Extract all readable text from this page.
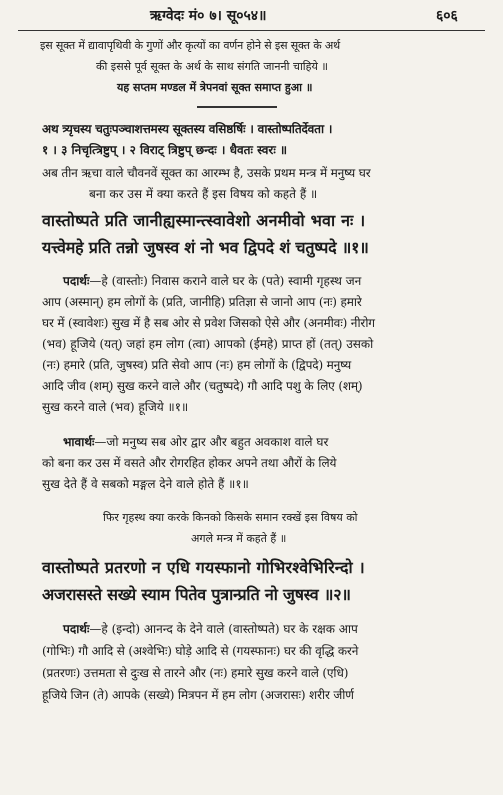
ऋग्वेदः मं० ७। सू०५४॥	६०६
इस सूक्त में द्यावापृथिवी के गुणों और कृत्यों का वर्णन होने से इस सूक्त के अर्थ
की इससे पूर्व सूक्त के अर्थ के साथ संगति जाननी चाहिये ॥
यह सप्तम मण्डल में त्रेपनवां सूक्त समाप्त हुआ ॥
अथ त्र्यृचस्य चतुःपञ्चाशत्तमस्य सूक्तस्य वसिष्ठर्षिः । वास्तोष्पतिर्देवता ।
१ । ३ निचृत्त्रिष्टुप् । २ विराट् त्रिष्टुप् छन्दः । धैवतः स्वरः ॥
अब तीन ऋचा वाले चौवनवें सूक्त का आरम्भ है, उसके प्रथम मन्त्र में मनुष्य घर
बना कर उस में क्या करते हैं इस विषय को कहते हैं ॥
वास्तोष्पते प्रति जानीह्यस्मान्त्स्वावेशो अनमीवो भवा नः ।
यत्त्वेमहे प्रति तन्नो जुषस्व शं नो भव द्विपदे शं चतुष्पदे ॥१॥
पदार्थः—हे (वास्तोः) निवास कराने वाले घर के (पते) स्वामी गृहस्थ जन
आप (अस्मान्) हम लोगों के (प्रति, जानीहि) प्रतिज्ञा से जानो आप (नः) हमारे
घर में (स्वावेशः) सुख में है सब ओर से प्रवेश जिसको ऐसे और (अनमीवः) नीरोग
(भव) हूजिये (यत्) जहां हम लोग (त्वा) आपको (ईमहे) प्राप्त हों (तत्) उसको
(नः) हमारे (प्रति, जुषस्व) प्रति सेवो आप (नः) हम लोगों के (द्विपदे) मनुष्य
आदि जीव (शम्) सुख करने वाले और (चतुष्पदे) गौ आदि पशु के लिए (शम्)
सुख करने वाले (भव) हूजिये ॥१॥
भावार्थः—जो मनुष्य सब ओर द्वार और बहुत अवकाश वाले घर
को बना कर उस में वसते और रोगरहित होकर अपने तथा औरों के लिये
सुख देते हैं वे सबको मङ्गल देने वाले होते हैं ॥१॥
फिर गृहस्थ क्या करके किनको किसके समान रक्खें इस विषय को
अगले मन्त्र में कहते हैं ॥
वास्तोष्पते प्रतरणो न एधि गयस्फानो गोभिरश्वेभिरिन्दो ।
अजरासस्ते सख्ये स्याम पितेव पुत्रान्प्रति नो जुषस्व ॥२॥
पदार्थः—हे (इन्दो) आनन्द के देने वाले (वास्तोष्पते) घर के रक्षक आप
(गोभिः) गौ आदि से (अश्वेभिः) घोड़े आदि से (गयस्फानः) घर की वृद्धि करने
(प्रतरणः) उत्तमता से दुःख से तारने और (नः) हमारे सुख करने वाले (एधि)
हूजिये जिन (ते) आपके (सख्ये) मित्रपन में हम लोग (अजरासः) शरीर जीर्ण
